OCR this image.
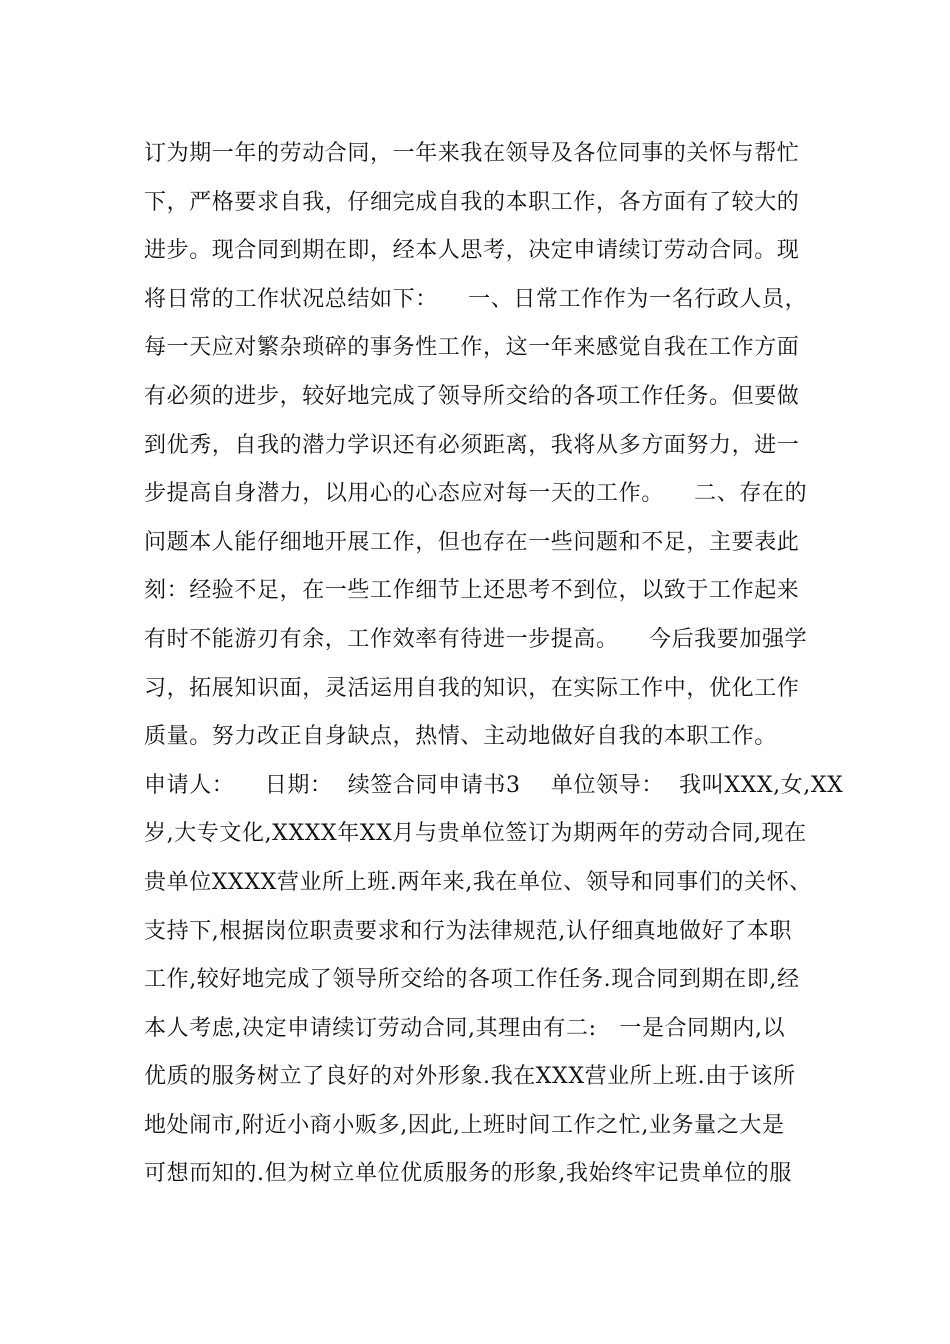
订为期一年的劳动合同，一年来我在领导及各位同事的关怀与帮忙
下，严格要求自我，仔细完成自我的本职工作，各方面有了较大的
进步。现合同到期在即，经本人思考，决定申请续订劳动合同。现
将日常的工作状况总结如下：    一、日常工作作为一名行政人员，
每一天应对繁杂琐碎的事务性工作，这一年来感觉自我在工作方面
有必须的进步，较好地完成了领导所交给的各项工作任务。但要做
到优秀，自我的潜力学识还有必须距离，我将从多方面努力，进一
步提高自身潜力，以用心的心态应对每一天的工作。    二、存在的
问题本人能仔细地开展工作，但也存在一些问题和不足，主要表此
刻：经验不足，在一些工作细节上还思考不到位，以致于工作起来
有时不能游刃有余，工作效率有待进一步提高。    今后我要加强学
习，拓展知识面，灵活运用自我的知识，在实际工作中，优化工作
质量。努力改正自身缺点，热情、主动地做好自我的本职工作。
申请人：    日期：  续签合同申请书3    单位领导：  我叫XXX,女,XX
岁,大专文化,XXXX年XX月与贵单位签订为期两年的劳动合同,现在
贵单位XXXX营业所上班.两年来,我在单位、领导和同事们的关怀、
支持下,根据岗位职责要求和行为法律规范,认仔细真地做好了本职
工作,较好地完成了领导所交给的各项工作任务.现合同到期在即,经
本人考虑,决定申请续订劳动合同,其理由有二:   一是合同期内,以
优质的服务树立了良好的对外形象.我在XXX营业所上班.由于该所
地处闹市,附近小商小贩多,因此,上班时间工作之忙,业务量之大是
可想而知的.但为树立单位优质服务的形象,我始终牢记贵单位的服
